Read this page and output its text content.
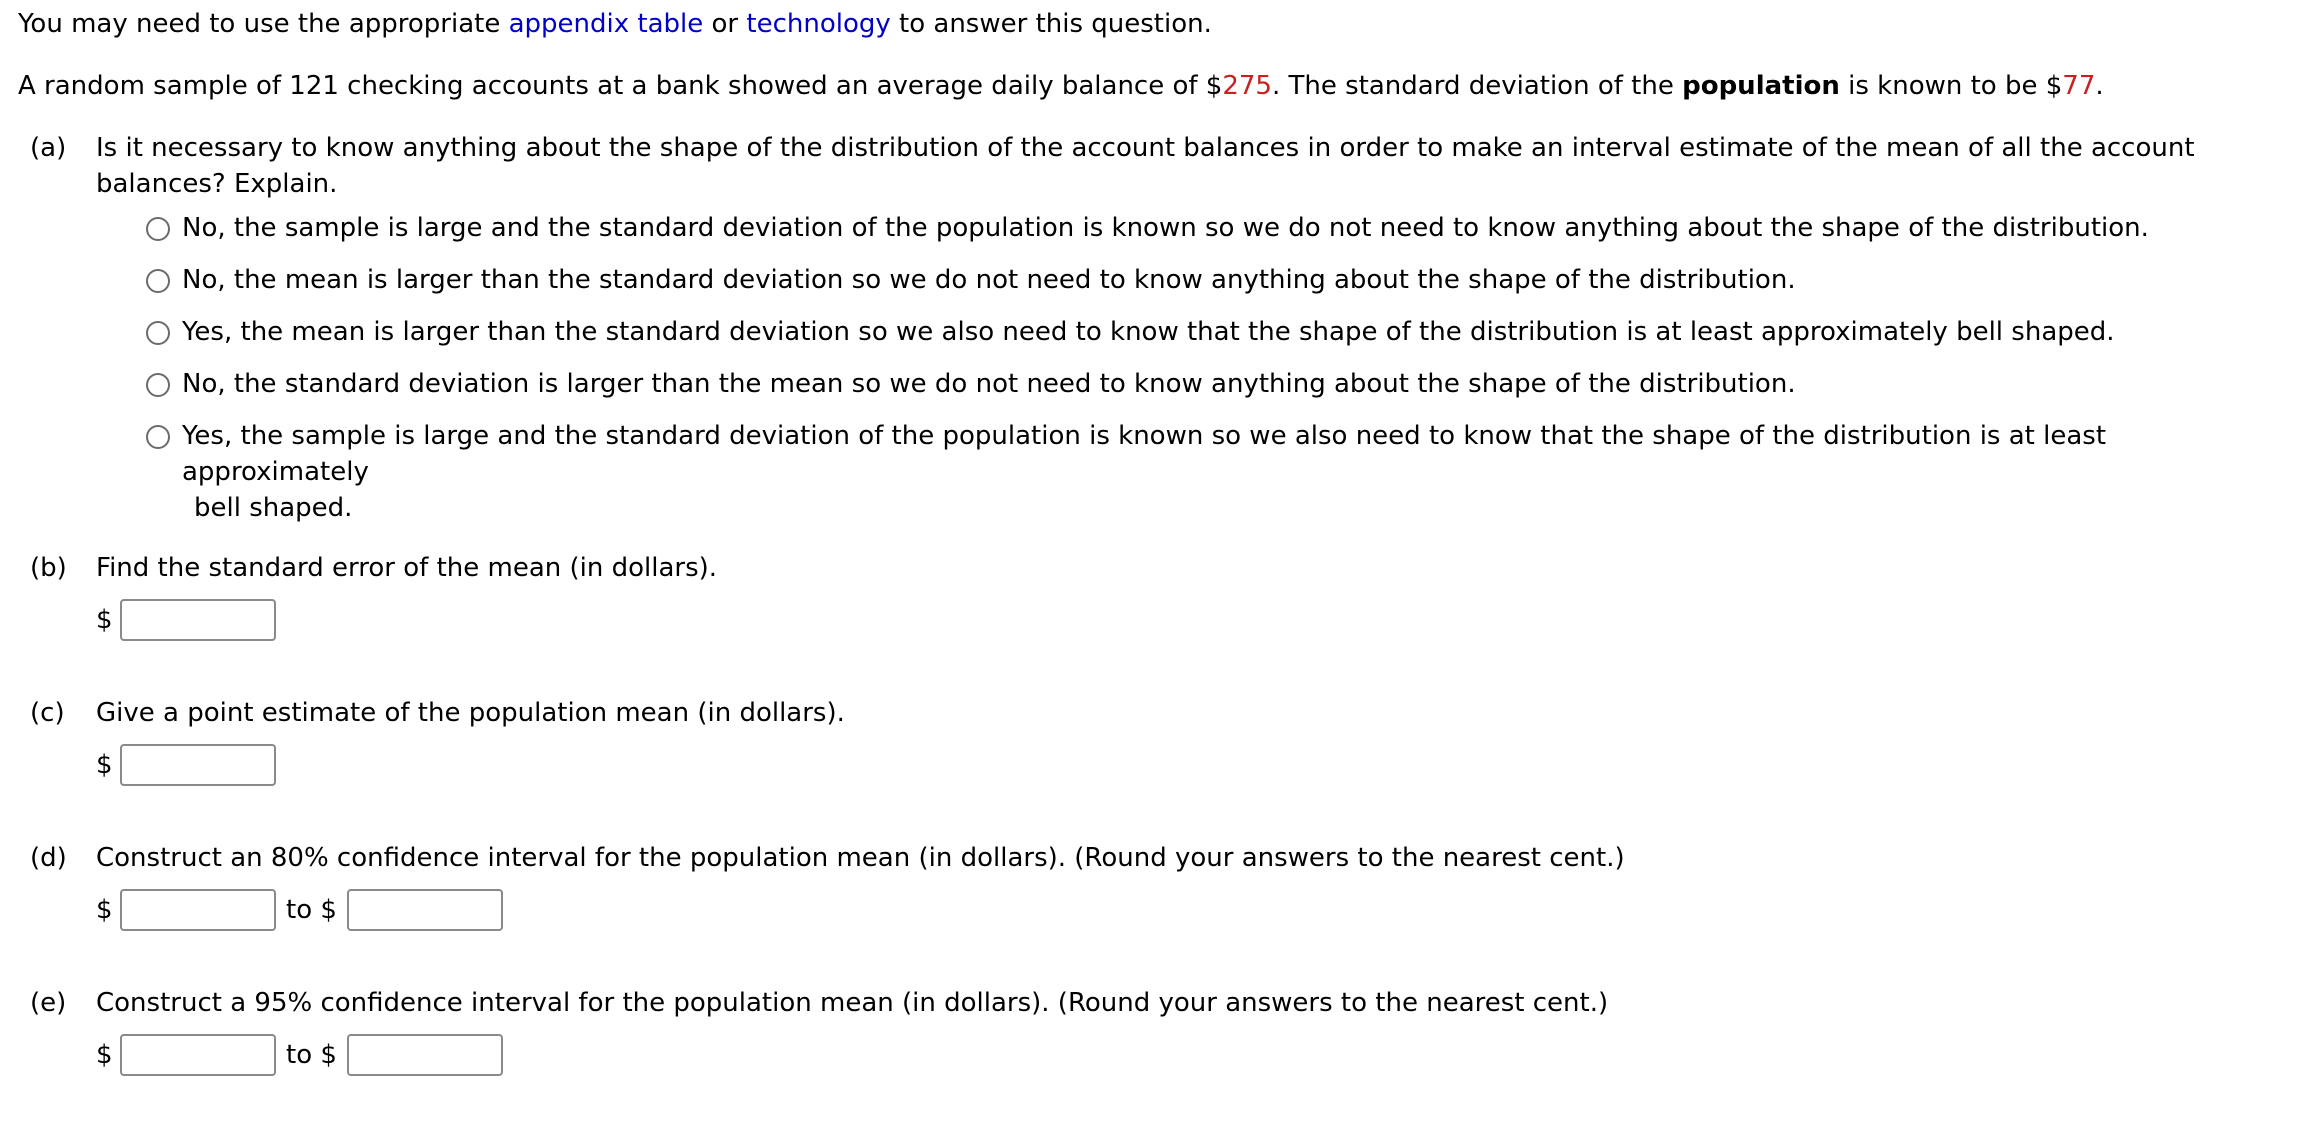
You may need to use the appropriate appendix table or technology to answer this question.
A random sample of 121 checking accounts at a bank showed an average daily balance of $275. The standard deviation of the population is known to be $77.
(a) Is it necessary to know anything about the shape of the distribution of the account balances in order to make an interval estimate of the mean of all the account balances? Explain.
No, the sample is large and the standard deviation of the population is known so we do not need to know anything about the shape of the distribution.
No, the mean is larger than the standard deviation so we do not need to know anything about the shape of the distribution.
Yes, the mean is larger than the standard deviation so we also need to know that the shape of the distribution is at least approximately bell shaped.
No, the standard deviation is larger than the mean so we do not need to know anything about the shape of the distribution.
Yes, the sample is large and the standard deviation of the population is known so we also need to know that the shape of the distribution is at least approximately
bell shaped.
(b) Find the standard error of the mean (in dollars).
$
(c) Give a point estimate of the population mean (in dollars).
$
(d) Construct an 80% confidence interval for the population mean (in dollars). (Round your answers to the nearest cent.)
$	to $
(e) Construct a 95% confidence interval for the population mean (in dollars). (Round your answers to the nearest cent.)
$	to $
